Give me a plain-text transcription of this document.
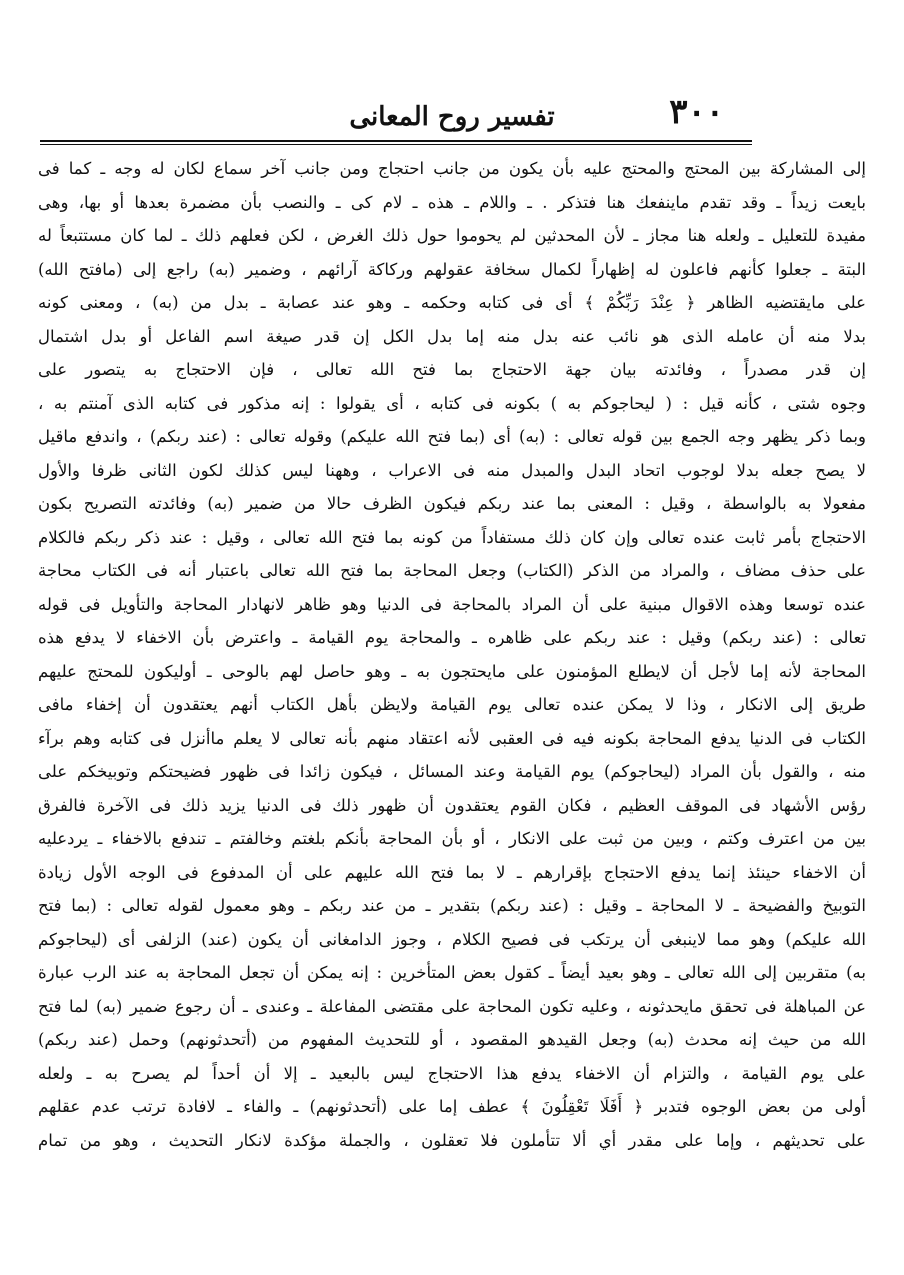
٣٠٠
تفسير روح المعانى
إلى المشاركة بين المحتج والمحتج عليه بأن يكون من جانب احتجاج ومن جانب آخر سماع لكان له وجه ـ كما فى
بايعت زيداً ـ وقد تقدم ماينفعك هنا فتذكر . ـ واللام ـ هذه ـ لام كى ـ والنصب بأن مضمرة بعدها أو بها، وهى
مفيدة للتعليل ـ ولعله هنا مجاز ـ لأن المحدثين لم يحوموا حول ذلك الغرض ، لكن فعلهم ذلك ـ لما كان مستتبعاً له
البتة ـ جعلوا كأنهم فاعلون له إظهاراً لكمال سخافة عقولهم وركاكة آرائهم ، وضمير (به) راجع إلى (مافتح الله)
على مايقتضيه الظاهر ﴿ عِنْدَ رَبِّكُمْ ﴾ أى فى كتابه وحكمه ـ وهو عند عصابة ـ بدل من (به) ، ومعنى كونه
بدلا منه أن عامله الذى هو نائب عنه بدل منه إما بدل الكل إن قدر صيغة اسم الفاعل أو بدل اشتمال
إن قدر مصدراً ، وفائدته بيان جهة الاحتجاج بما فتح الله تعالى ، فإن الاحتجاج به يتصور على
وجوه شتى ، كأنه قيل : ( ليحاجوكم به ) بكونه فى كتابه ، أى يقولوا : إنه مذكور فى كتابه الذى آمنتم به ،
وبما ذكر يظهر وجه الجمع بين قوله تعالى : (به) أى (بما فتح الله عليكم) وقوله تعالى : (عند ربكم) ، واندفع ماقيل
لا يصح جعله بدلا لوجوب اتحاد البدل والمبدل منه فى الاعراب ، وههنا ليس كذلك لكون الثانى ظرفا والأول
مفعولا به بالواسطة ، وقيل : المعنى بما عند ربكم فيكون الظرف حالا من ضمير (به) وفائدته التصريح بكون
الاحتجاج بأمر ثابت عنده تعالى وإن كان ذلك مستفاداً من كونه بما فتح الله تعالى ، وقيل : عند ذكر ربكم فالكلام
على حذف مضاف ، والمراد من الذكر (الكتاب) وجعل المحاجة بما فتح الله تعالى باعتبار أنه فى الكتاب محاجة
عنده توسعا وهذه الاقوال مبنية على أن المراد بالمحاجة فى الدنيا وهو ظاهر لانهادار المحاجة والتأويل فى قوله
تعالى : (عند ربكم) وقيل : عند ربكم على ظاهره ـ والمحاجة يوم القيامة ـ واعترض بأن الاخفاء لا يدفع هذه
المحاجة لأنه إما لأجل أن لايطلع المؤمنون على مايحتجون به ـ وهو حاصل لهم بالوحى ـ أوليكون للمحتج عليهم
طريق إلى الانكار ، وذا لا يمكن عنده تعالى يوم القيامة ولايظن بأهل الكتاب أنهم يعتقدون أن إخفاء مافى
الكتاب فى الدنيا يدفع المحاجة بكونه فيه فى العقبى لأنه اعتقاد منهم بأنه تعالى لا يعلم ماأنزل فى كتابه وهم برآء
منه ، والقول بأن المراد (ليحاجوكم) يوم القيامة وعند المسائل ، فيكون زائدا فى ظهور فضيحتكم وتوبيخكم على
رؤس الأشهاد فى الموقف العظيم ، فكان القوم يعتقدون أن ظهور ذلك فى الدنيا يزيد ذلك فى الآخرة فالفرق
بين من اعترف وكتم ، وبين من ثبت على الانكار ، أو بأن المحاجة بأنكم بلغتم وخالفتم ـ تندفع بالاخفاء ـ يردعليه
أن الاخفاء حينئذ إنما يدفع الاحتجاج بإقرارهم ـ لا بما فتح الله عليهم على أن المدفوع فى الوجه الأول زيادة
التوبيخ والفضيحة ـ لا المحاجة ـ وقيل : (عند ربكم) بتقدير ـ من عند ربكم ـ وهو معمول لقوله تعالى : (بما فتح
الله عليكم) وهو مما لاينبغى أن يرتكب فى فصيح الكلام ، وجوز الدامغانى أن يكون (عند) الزلفى أى (ليحاجوكم
به) متقربين إلى الله تعالى ـ وهو بعيد أيضاً ـ كقول بعض المتأخرين : إنه يمكن أن تجعل المحاجة به عند الرب عبارة
عن المباهلة فى تحقق مايحدثونه ، وعليه تكون المحاجة على مقتضى المفاعلة ـ وعندى ـ أن رجوع ضمير (به) لما فتح
الله من حيث إنه محدث (به) وجعل القيدهو المقصود ، أو للتحديث المفهوم من (أتحدثونهم) وحمل (عند ربكم)
على يوم القيامة ، والتزام أن الاخفاء يدفع هذا الاحتجاج ليس بالبعيد ـ إلا أن أحداً لم يصرح به ـ ولعله
أولى من بعض الوجوه فتدبر ﴿ أَفَلَا تَعْقِلُونَ ﴾ عطف إما على (أتحدثونهم) ـ والفاء ـ لافادة ترتب عدم عقلهم
على تحديثهم ، وإما على مقدر أي ألا تتأملون فلا تعقلون ، والجملة مؤكدة لانكار التحديث ، وهو من تمام
